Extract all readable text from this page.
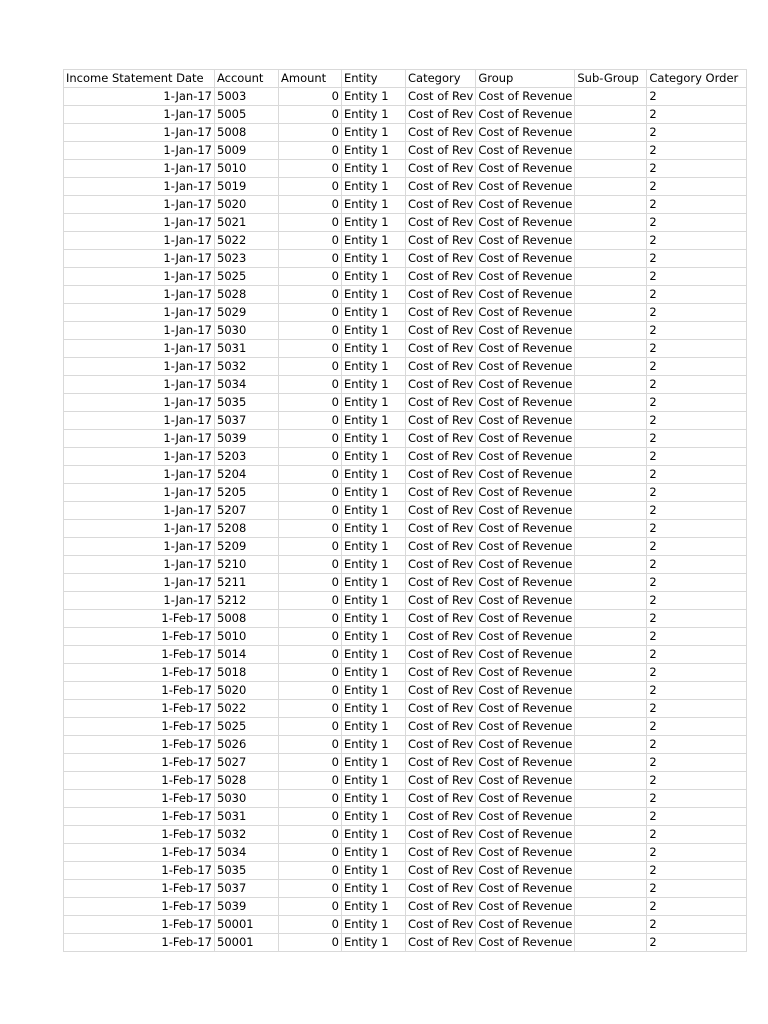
Income Statement Date	Account	Amount	Entity	Category	Group	Sub-Group	Category Order
1-Jan-17	5003	0	Entity 1	Cost of Rev	Cost of Revenue		2
1-Jan-17	5005	0	Entity 1	Cost of Rev	Cost of Revenue		2
1-Jan-17	5008	0	Entity 1	Cost of Rev	Cost of Revenue		2
1-Jan-17	5009	0	Entity 1	Cost of Rev	Cost of Revenue		2
1-Jan-17	5010	0	Entity 1	Cost of Rev	Cost of Revenue		2
1-Jan-17	5019	0	Entity 1	Cost of Rev	Cost of Revenue		2
1-Jan-17	5020	0	Entity 1	Cost of Rev	Cost of Revenue		2
1-Jan-17	5021	0	Entity 1	Cost of Rev	Cost of Revenue		2
1-Jan-17	5022	0	Entity 1	Cost of Rev	Cost of Revenue		2
1-Jan-17	5023	0	Entity 1	Cost of Rev	Cost of Revenue		2
1-Jan-17	5025	0	Entity 1	Cost of Rev	Cost of Revenue		2
1-Jan-17	5028	0	Entity 1	Cost of Rev	Cost of Revenue		2
1-Jan-17	5029	0	Entity 1	Cost of Rev	Cost of Revenue		2
1-Jan-17	5030	0	Entity 1	Cost of Rev	Cost of Revenue		2
1-Jan-17	5031	0	Entity 1	Cost of Rev	Cost of Revenue		2
1-Jan-17	5032	0	Entity 1	Cost of Rev	Cost of Revenue		2
1-Jan-17	5034	0	Entity 1	Cost of Rev	Cost of Revenue		2
1-Jan-17	5035	0	Entity 1	Cost of Rev	Cost of Revenue		2
1-Jan-17	5037	0	Entity 1	Cost of Rev	Cost of Revenue		2
1-Jan-17	5039	0	Entity 1	Cost of Rev	Cost of Revenue		2
1-Jan-17	5203	0	Entity 1	Cost of Rev	Cost of Revenue		2
1-Jan-17	5204	0	Entity 1	Cost of Rev	Cost of Revenue		2
1-Jan-17	5205	0	Entity 1	Cost of Rev	Cost of Revenue		2
1-Jan-17	5207	0	Entity 1	Cost of Rev	Cost of Revenue		2
1-Jan-17	5208	0	Entity 1	Cost of Rev	Cost of Revenue		2
1-Jan-17	5209	0	Entity 1	Cost of Rev	Cost of Revenue		2
1-Jan-17	5210	0	Entity 1	Cost of Rev	Cost of Revenue		2
1-Jan-17	5211	0	Entity 1	Cost of Rev	Cost of Revenue		2
1-Jan-17	5212	0	Entity 1	Cost of Rev	Cost of Revenue		2
1-Feb-17	5008	0	Entity 1	Cost of Rev	Cost of Revenue		2
1-Feb-17	5010	0	Entity 1	Cost of Rev	Cost of Revenue		2
1-Feb-17	5014	0	Entity 1	Cost of Rev	Cost of Revenue		2
1-Feb-17	5018	0	Entity 1	Cost of Rev	Cost of Revenue		2
1-Feb-17	5020	0	Entity 1	Cost of Rev	Cost of Revenue		2
1-Feb-17	5022	0	Entity 1	Cost of Rev	Cost of Revenue		2
1-Feb-17	5025	0	Entity 1	Cost of Rev	Cost of Revenue		2
1-Feb-17	5026	0	Entity 1	Cost of Rev	Cost of Revenue		2
1-Feb-17	5027	0	Entity 1	Cost of Rev	Cost of Revenue		2
1-Feb-17	5028	0	Entity 1	Cost of Rev	Cost of Revenue		2
1-Feb-17	5030	0	Entity 1	Cost of Rev	Cost of Revenue		2
1-Feb-17	5031	0	Entity 1	Cost of Rev	Cost of Revenue		2
1-Feb-17	5032	0	Entity 1	Cost of Rev	Cost of Revenue		2
1-Feb-17	5034	0	Entity 1	Cost of Rev	Cost of Revenue		2
1-Feb-17	5035	0	Entity 1	Cost of Rev	Cost of Revenue		2
1-Feb-17	5037	0	Entity 1	Cost of Rev	Cost of Revenue		2
1-Feb-17	5039	0	Entity 1	Cost of Rev	Cost of Revenue		2
1-Feb-17	50001	0	Entity 1	Cost of Rev	Cost of Revenue		2
1-Feb-17	50001	0	Entity 1	Cost of Rev	Cost of Revenue		2
